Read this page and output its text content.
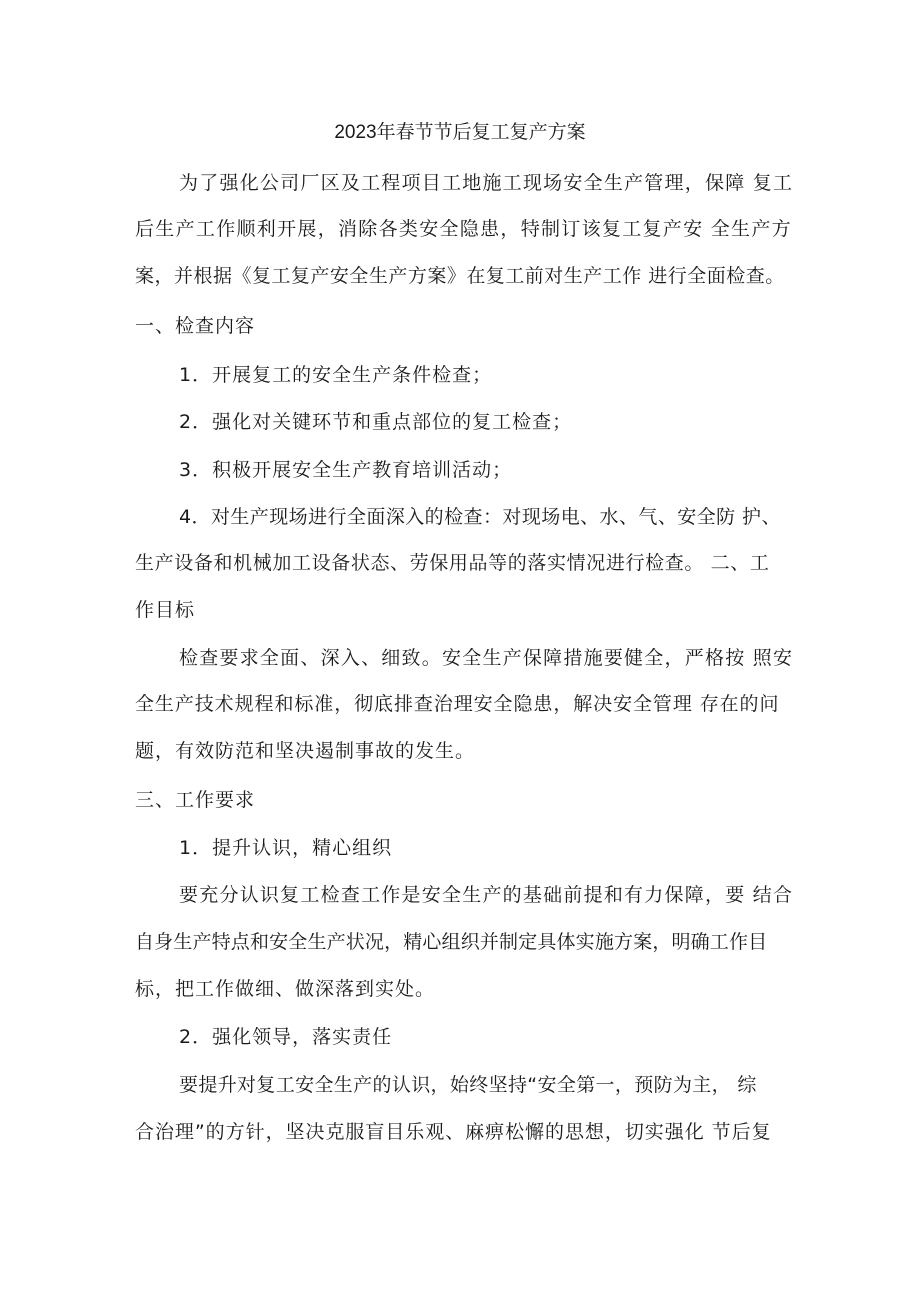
2023年春节节后复工复产方案
为了强化公司厂区及工程项目工地施工现场安全生产管理，保障 复工
后生产工作顺利开展，消除各类安全隐患，特制订该复工复产安 全生产方
案，并根据《复工复产安全生产方案》在复工前对生产工作 进行全面检查。
一、检查内容
1．开展复工的安全生产条件检查；
2．强化对关键环节和重点部位的复工检查；
3．积极开展安全生产教育培训活动；
4．对生产现场进行全面深入的检查：对现场电、水、气、安全防 护、
生产设备和机械加工设备状态、劳保用品等的落实情况进行检查。 二、工
作目标
检查要求全面、深入、细致。安全生产保障措施要健全，严格按 照安
全生产技术规程和标准，彻底排查治理安全隐患，解决安全管理 存在的问
题，有效防范和坚决遏制事故的发生。
三、工作要求
1．提升认识，精心组织
要充分认识复工检查工作是安全生产的基础前提和有力保障，要 结合
自身生产特点和安全生产状况，精心组织并制定具体实施方案，明确工作目
标，把工作做细、做深落到实处。
2．强化领导，落实责任
要提升对复工安全生产的认识，始终坚持“安全第一，预防为主， 综
合治理”的方针，坚决克服盲目乐观、麻痹松懈的思想，切实强化 节后复
